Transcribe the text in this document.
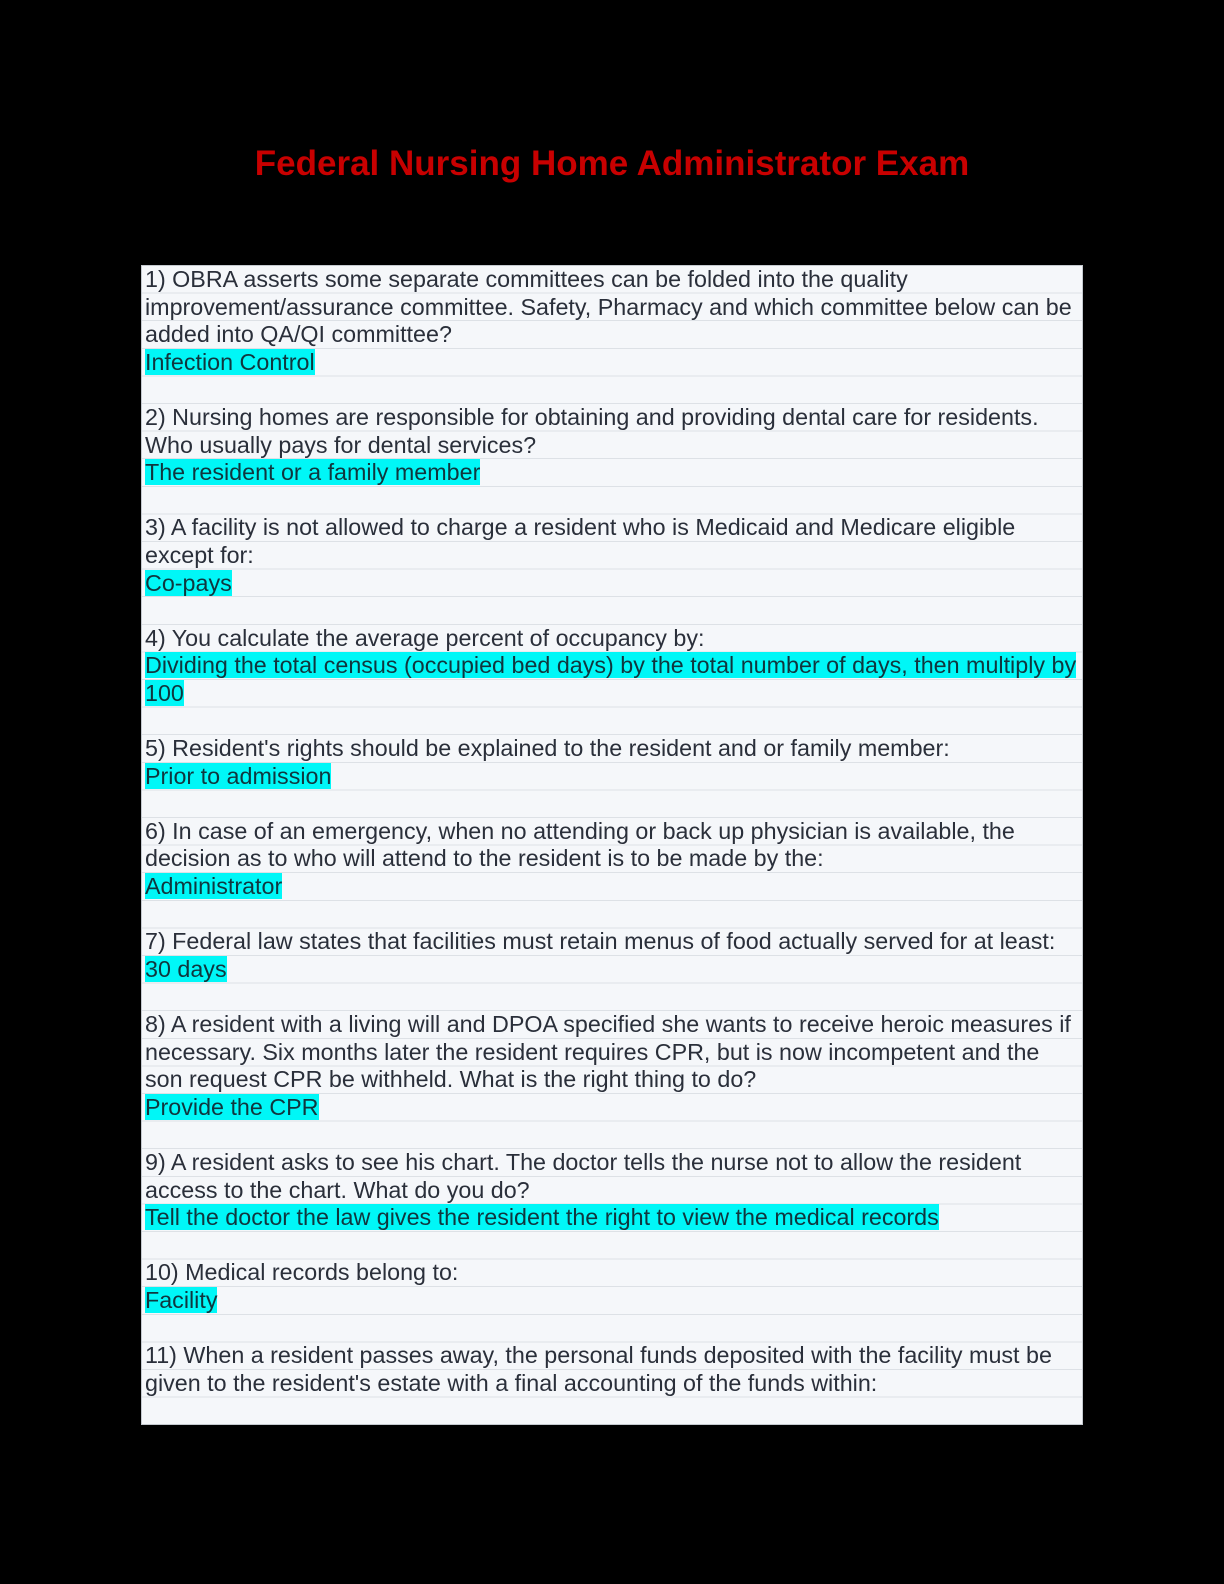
Federal Nursing Home Administrator Exam

1) OBRA asserts some separate committees can be folded into the quality improvement/assurance committee. Safety, Pharmacy and which committee below can be added into QA/QI committee?

Infection Control

2) Nursing homes are responsible for obtaining and providing dental care for residents. Who usually pays for dental services?

The resident or a family member

3) A facility is not allowed to charge a resident who is Medicaid and Medicare eligible except for:

Co-pays

4) You calculate the average percent of occupancy by:

Dividing the total census (occupied bed days) by the total number of days, then multiply by 100

5) Resident's rights should be explained to the resident and or family member:

Prior to admission

6) In case of an emergency, when no attending or back up physician is available, the decision as to who will attend to the resident is to be made by the:

Administrator

7) Federal law states that facilities must retain menus of food actually served for at least:

30 days

8) A resident with a living will and DPOA specified she wants to receive heroic measures if necessary. Six months later the resident requires CPR, but is now incompetent and the son request CPR be withheld. What is the right thing to do?

Provide the CPR

9) A resident asks to see his chart. The doctor tells the nurse not to allow the resident access to the chart. What do you do?

Tell the doctor the law gives the resident the right to view the medical records

10) Medical records belong to:

Facility

11) When a resident passes away, the personal funds deposited with the facility must be given to the resident's estate with a final accounting of the funds within:
